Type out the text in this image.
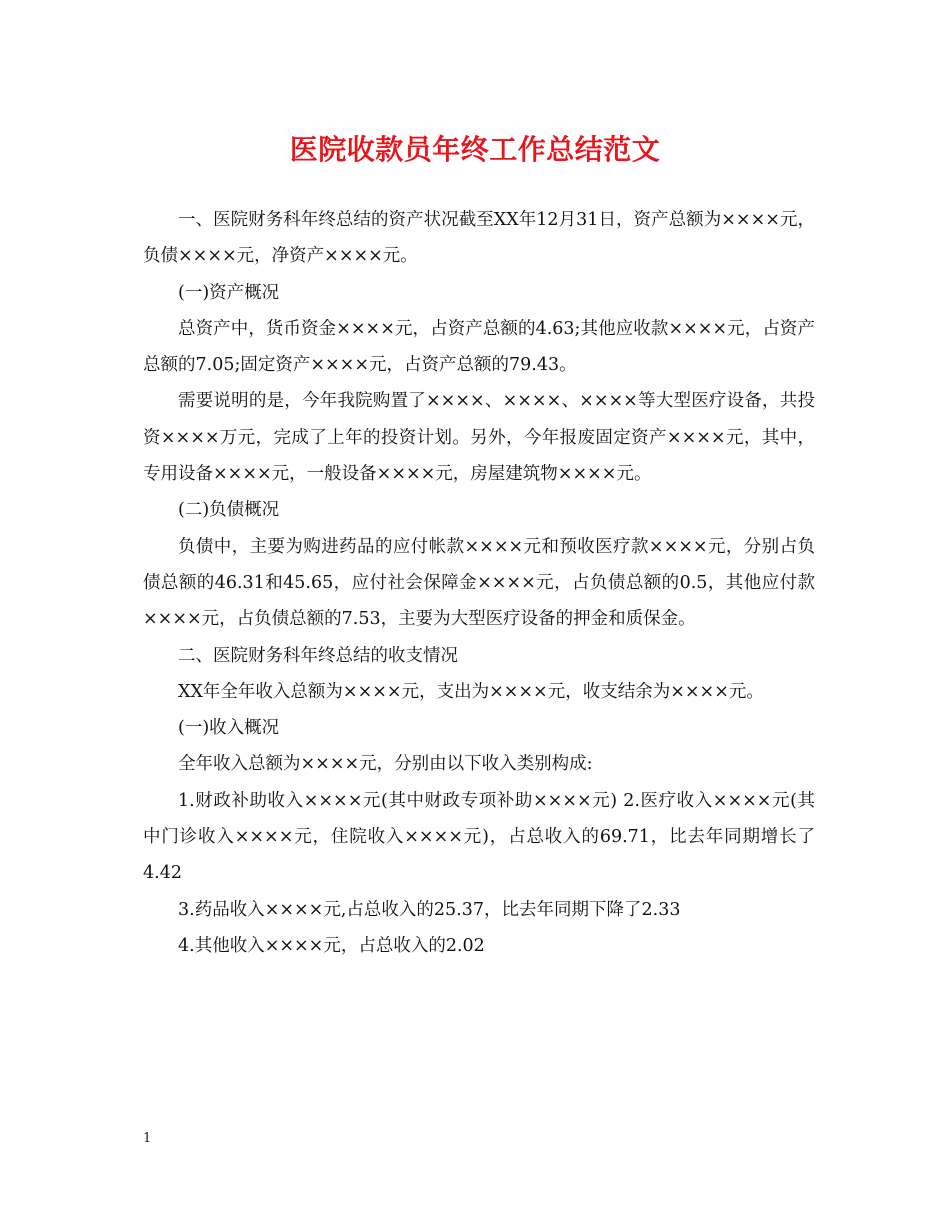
医院收款员年终工作总结范文

一、医院财务科年终总结的资产状况截至XX年12月31日，资产总额为××××元，负债××××元，净资产××××元。

(一)资产概况

总资产中，货币资金××××元，占资产总额的4.63;其他应收款××××元，占资产总额的7.05;固定资产××××元，占资产总额的79.43。

需要说明的是，今年我院购置了××××、××××、××××等大型医疗设备，共投资××××万元，完成了上年的投资计划。另外，今年报废固定资产××××元，其中，专用设备××××元，一般设备××××元，房屋建筑物××××元。

(二)负债概况

负债中，主要为购进药品的应付帐款××××元和预收医疗款××××元，分别占负债总额的46.31和45.65，应付社会保障金××××元，占负债总额的0.5，其他应付款××××元，占负债总额的7.53，主要为大型医疗设备的押金和质保金。

二、医院财务科年终总结的收支情况

XX年全年收入总额为××××元，支出为××××元，收支结余为××××元。

(一)收入概况

全年收入总额为××××元，分别由以下收入类别构成:

1.财政补助收入××××元(其中财政专项补助××××元) 2.医疗收入××××元(其中门诊收入××××元，住院收入××××元)，占总收入的69.71，比去年同期增长了4.42

3.药品收入××××元,占总收入的25.37，比去年同期下降了2.33

4.其他收入××××元，占总收入的2.02

1
